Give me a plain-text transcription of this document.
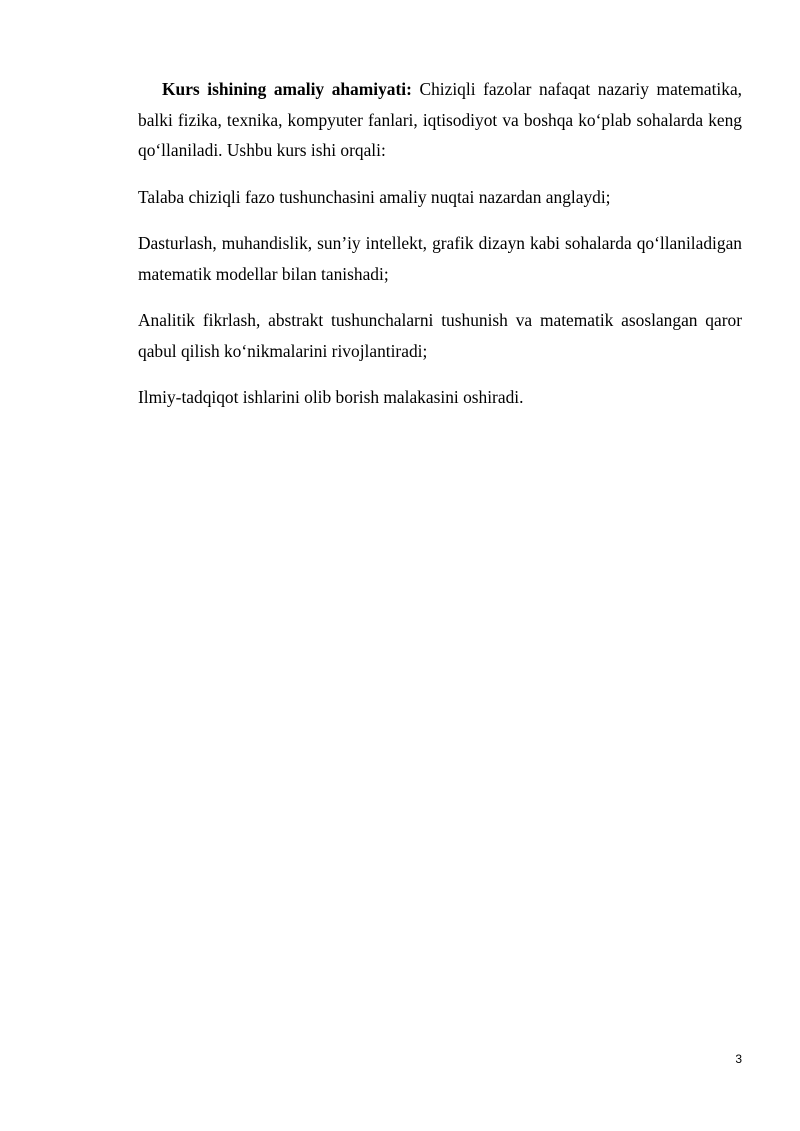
Kurs ishining amaliy ahamiyati: Chiziqli fazolar nafaqat nazariy matematika, balki fizika, texnika, kompyuter fanlari, iqtisodiyot va boshqa ko‘plab sohalarda keng qo‘llaniladi. Ushbu kurs ishi orqali:

Talaba chiziqli fazo tushunchasini amaliy nuqtai nazardan anglaydi;

Dasturlash, muhandislik, sun’iy intellekt, grafik dizayn kabi sohalarda qo‘llaniladigan matematik modellar bilan tanishadi;

Analitik fikrlash, abstrakt tushunchalarni tushunish va matematik asoslangan qaror qabul qilish ko‘nikmalarini rivojlantiradi;

Ilmiy-tadqiqot ishlarini olib borish malakasini oshiradi.

3
